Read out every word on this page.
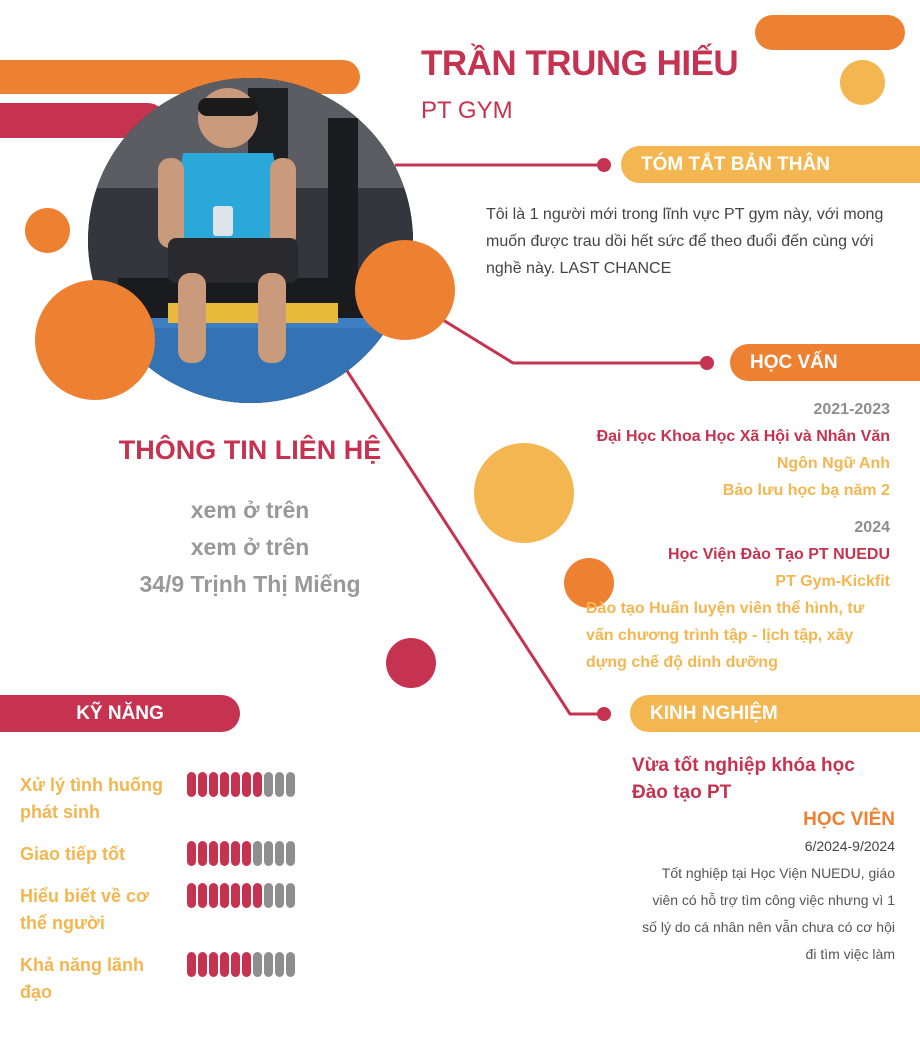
TRẦN TRUNG HIẾU
PT GYM
TÓM TẮT BẢN THÂN
Tôi là 1 người mới trong lĩnh vực PT gym này, với mong muốn được trau dồi hết sức để theo đuổi đến cùng với nghề này. LAST CHANCE
HỌC VẤN
2021-2023
Đại Học Khoa Học Xã Hội và Nhân Văn
Ngôn Ngữ Anh
Bảo lưu học bạ năm 2
2024
Học Viện Đào Tạo PT NUEDU
PT Gym-Kickfit
Đào tạo Huấn luyện viên thể hình, tư vấn chương trình tập - lịch tập, xây dựng chế độ dinh dưỡng
THÔNG TIN LIÊN HỆ
xem ở trên
xem ở trên
34/9 Trịnh Thị Miếng
KỸ NĂNG
Xử lý tình huống phát sinh
Giao tiếp tốt
Hiểu biết về cơ thể người
Khả năng lãnh đạo
KINH NGHIỆM
Vừa tốt nghiệp khóa học Đào tạo PT
HỌC VIÊN
6/2024-9/2024
Tốt nghiệp tại Học Viện NUEDU, giáo viên có hỗ trợ tìm công việc nhưng vì 1 số lý do cá nhân nên vẫn chưa có cơ hội đi tìm việc làm
